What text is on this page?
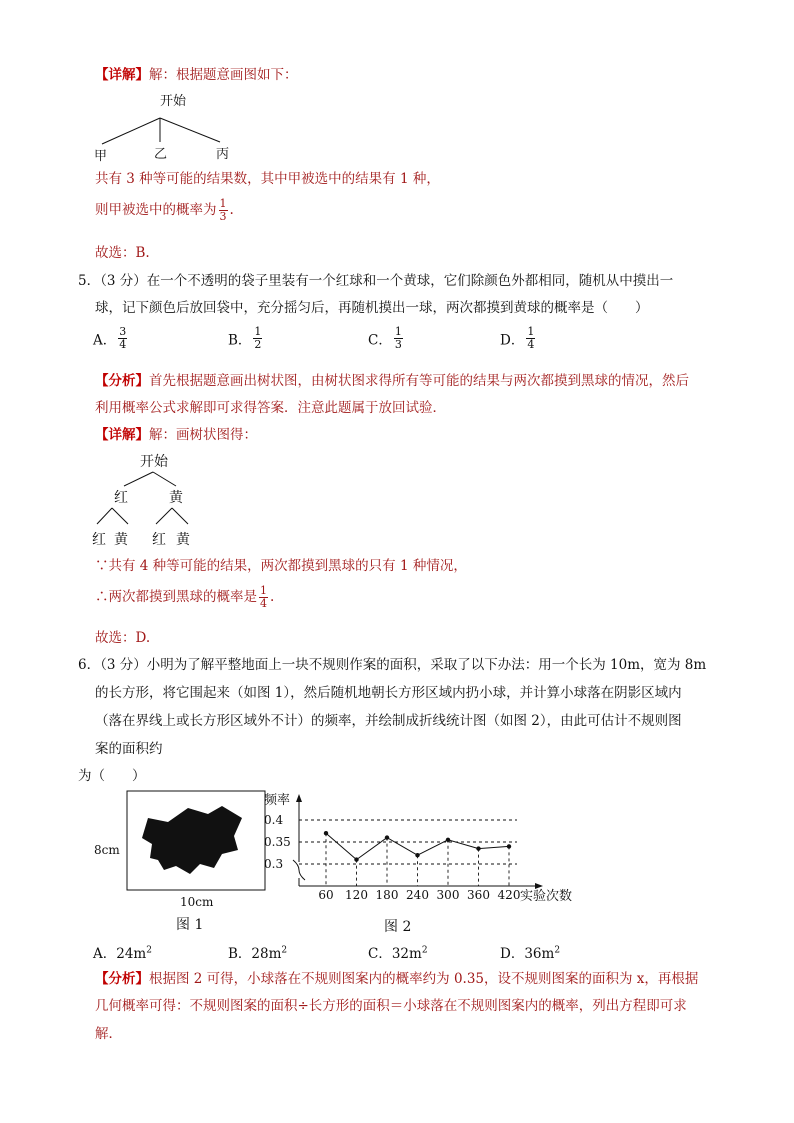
【详解】解：根据题意画图如下：
开始
甲	乙	丙
共有 3 种等可能的结果数，其中甲被选中的结果有 1 种，
则甲被选中的概率为 $\frac{1}{3}$ .
故选：B.
5．（3 分）在一个不透明的袋子里装有一个红球和一个黄球，它们除颜色外都相同，随机从中摸出一
球，记下颜色后放回袋中，充分摇匀后，再随机摸出一球，两次都摸到黄球的概率是（　　）
A． $\frac{3}{4}$	B． $\frac{1}{2}$	C． $\frac{1}{3}$	D． $\frac{1}{4}$
【分析】首先根据题意画出树状图，由树状图求得所有等可能的结果与两次都摸到黑球的情况，然后
利用概率公式求解即可求得答案．注意此题属于放回试验．
【详解】解：画树状图得：
开始
红	黄
红 黄 红 黄
∵共有 4 种等可能的结果，两次都摸到黑球的只有 1 种情况，
∴两次都摸到黑球的概率是 $\frac{1}{4}$ .
故选：D.
6．（3 分）小明为了解平整地面上一块不规则作案的面积，采取了以下办法：用一个长为 10m，宽为 8m
的长方形，将它围起来（如图 1），然后随机地朝长方形区域内扔小球，并计算小球落在阴影区域内
（落在界线上或长方形区域外不计）的频率，并绘制成折线统计图（如图 2），由此可估计不规则图
案的面积约
为（　　）
8cm
10cm
图 1
频率
0.4
0.35
0.3
60 120 180 240 300 360 420 实验次数
图 2
A．$24m^2$	B．$28m^2$	C．$32m^2$	D．$36m^2$
【分析】根据图 2 可得，小球落在不规则图案内的概率约为 0.35，设不规则图案的面积为 x，再根据
几何概率可得：不规则图案的面积÷长方形的面积＝小球落在不规则图案内的概率，列出方程即可求
解．
